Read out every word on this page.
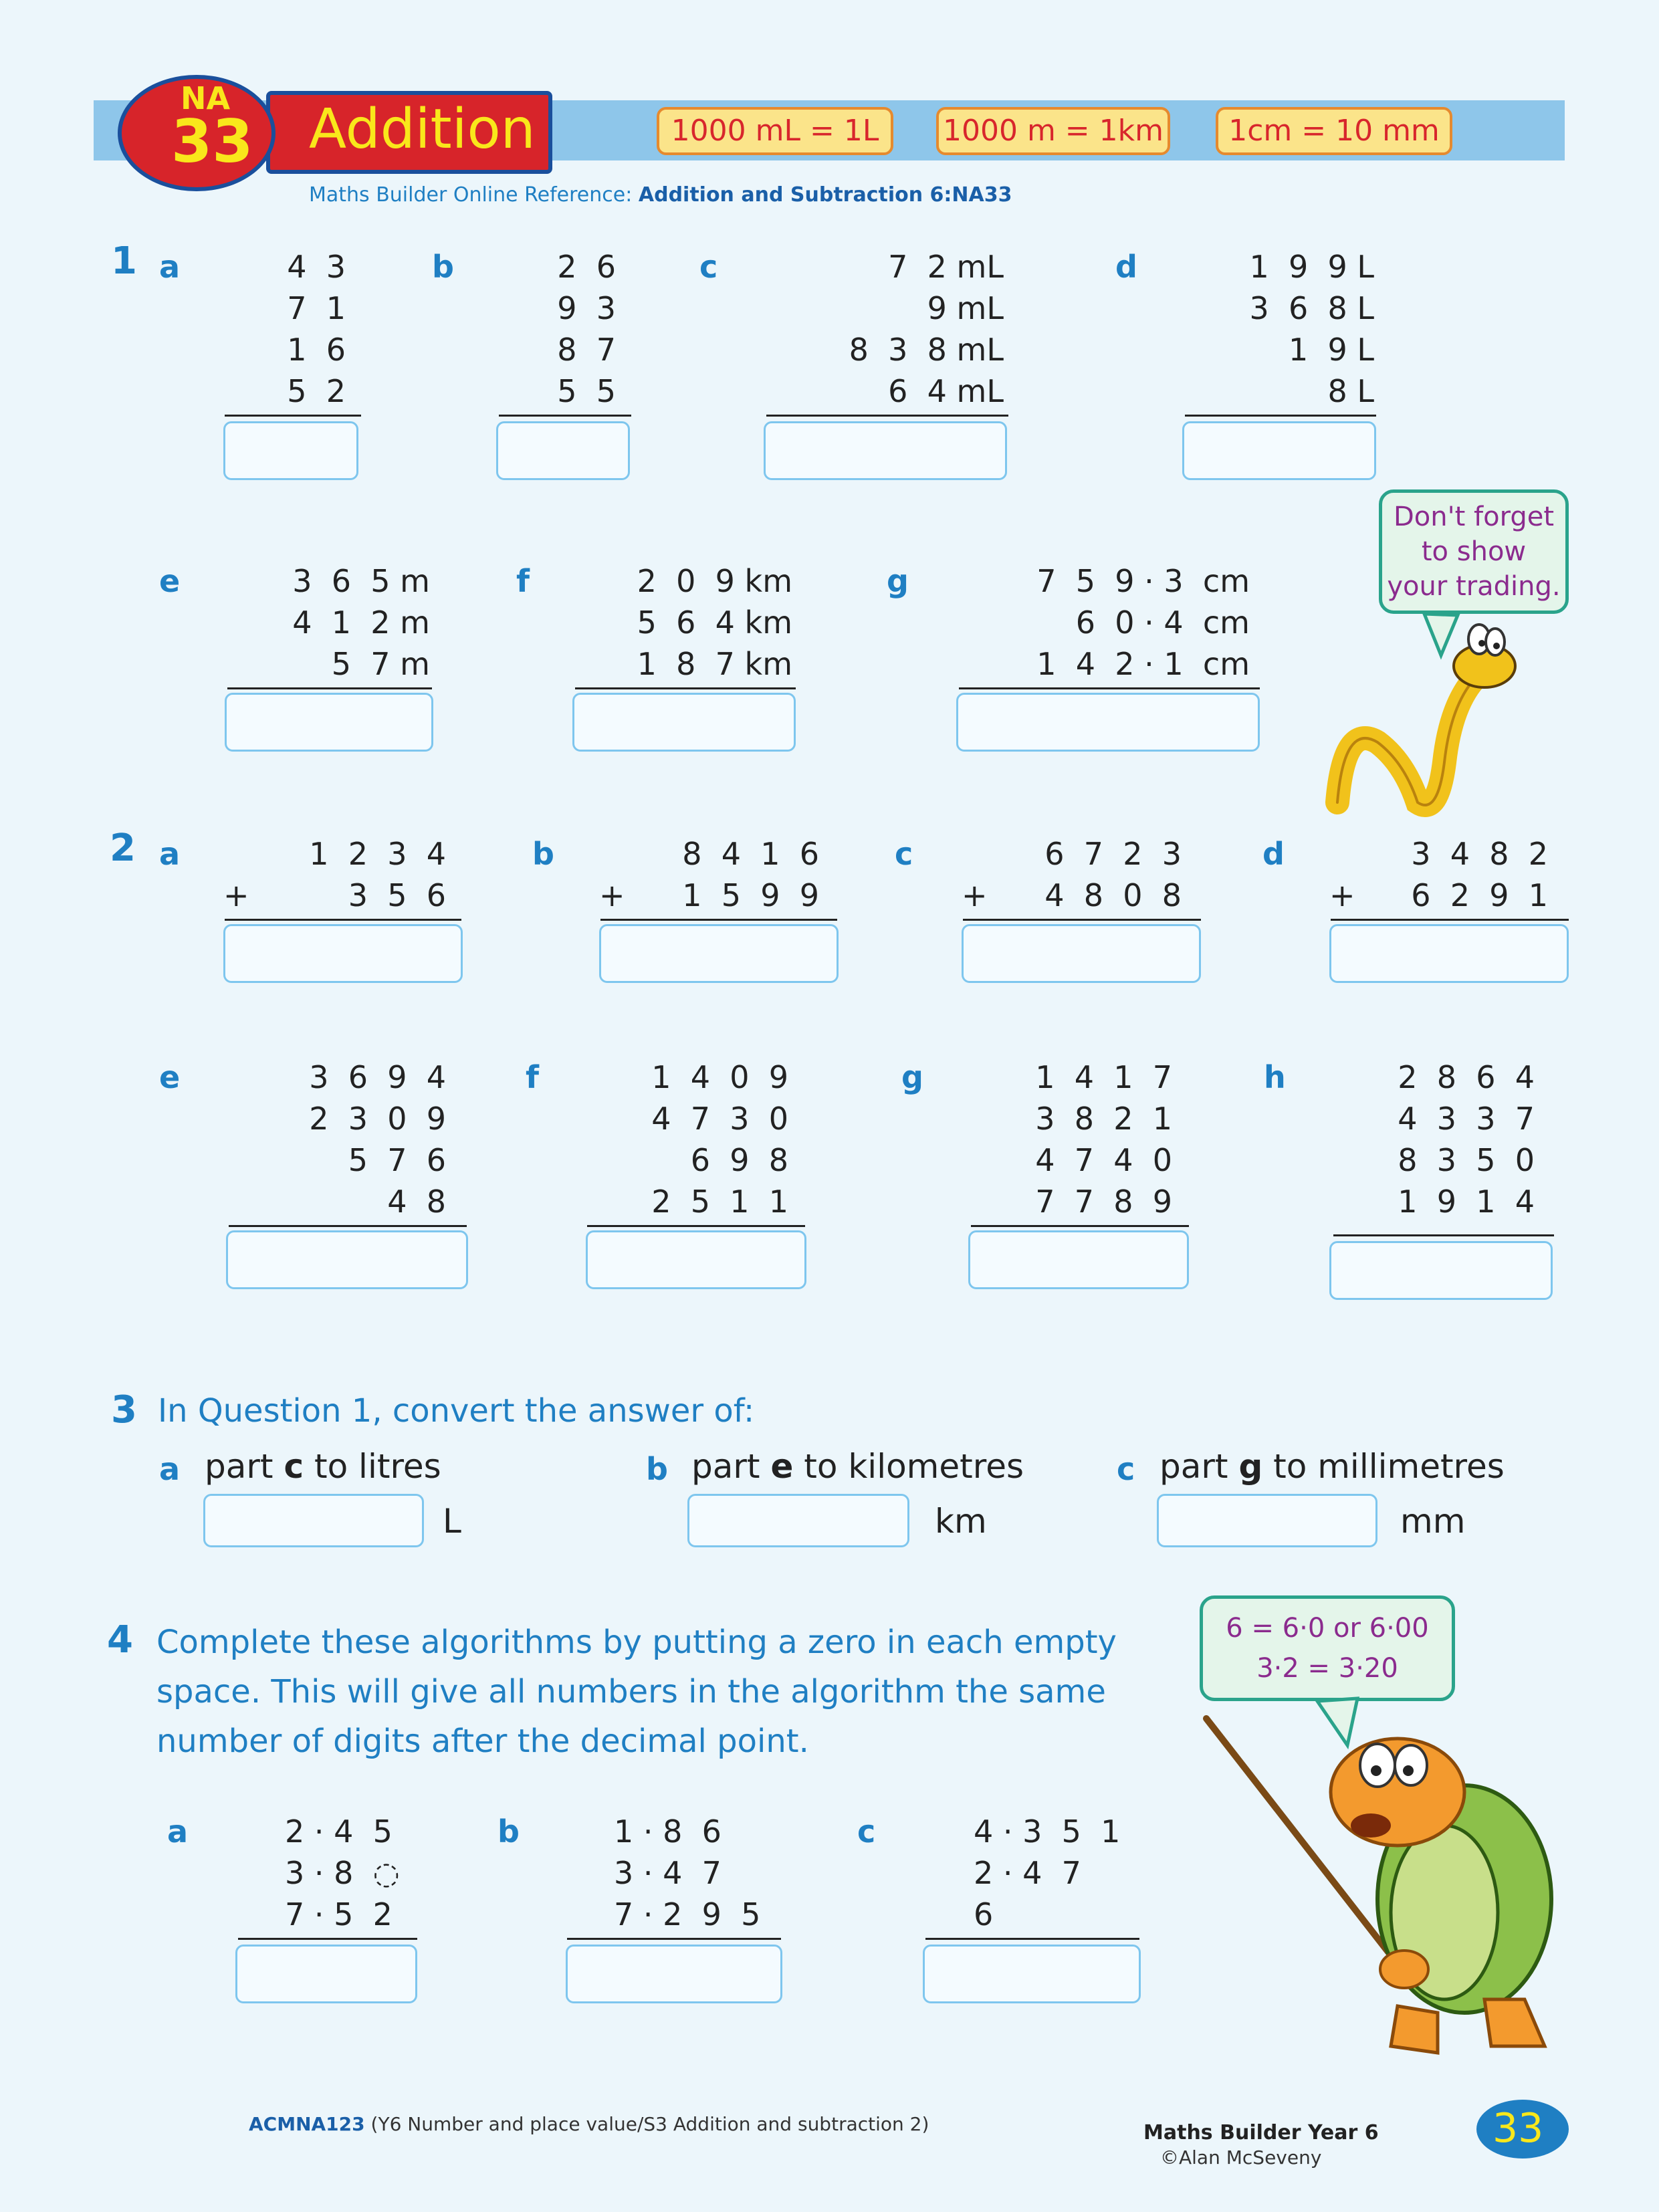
Addition
NA
33	1000 mL = 1L	1000 m = 1km	1cm = 10 mm
Maths Builder Online Reference: Addition and Subtraction 6:NA33
1 a	4  3
7  1
1  6
5  2
b	2  6
9  3
8  7
5  5
c	7  2 mL
9 mL
8  3  8 mL
6  4 mL
d	1  9  9 L
3  6  8 L
1  9 L
8 L
e	3  6  5 m
4  1  2 m
5  7 m
f	2  0  9 km
5  6  4 km
1  8  7 km
g	7  5  9 · 3  cm
6  0 · 4  cm
1  4  2 · 1  cm
Don't forget
to show
your trading.
2 a	1  2  3  4
+	3  5  6
b	8  4  1  6
+ 1  5  9  9
c	6  7  2  3
+ 4  8  0  8
d	3  4  8  2
+ 6  2  9  1
e	3  6  9  4
2  3  0  9
5  7  6
4  8
f	1  4  0  9
4  7  3  0
6  9  8
2  5  1  1
g	1  4  1  7
3  8  2  1
4  7  4  0
7  7  8  9
h	2  8  6  4
4  3  3  7
8  3  5  0
1  9  1  4
3 In Question 1, convert the answer of:
a part c to litres
L
b part e to kilometres
km
c part g to millimetres
mm
4 Complete these algorithms by putting a zero in each empty
space. This will give all numbers in the algorithm the same
number of digits after the decimal point.
a	2 · 4  5
3 · 8  ◌
7 · 5  2
b	1 · 8  6
3 · 4  7
7 · 2  9  5
c	4 · 3  5  1
2 · 4  7
6
6 = 6·0 or 6·00
3·2 = 3·20
ACMNA123 (Y6 Number and place value/S3 Addition and subtraction 2)	Maths Builder Year 6
©Alan McSeveny
33
